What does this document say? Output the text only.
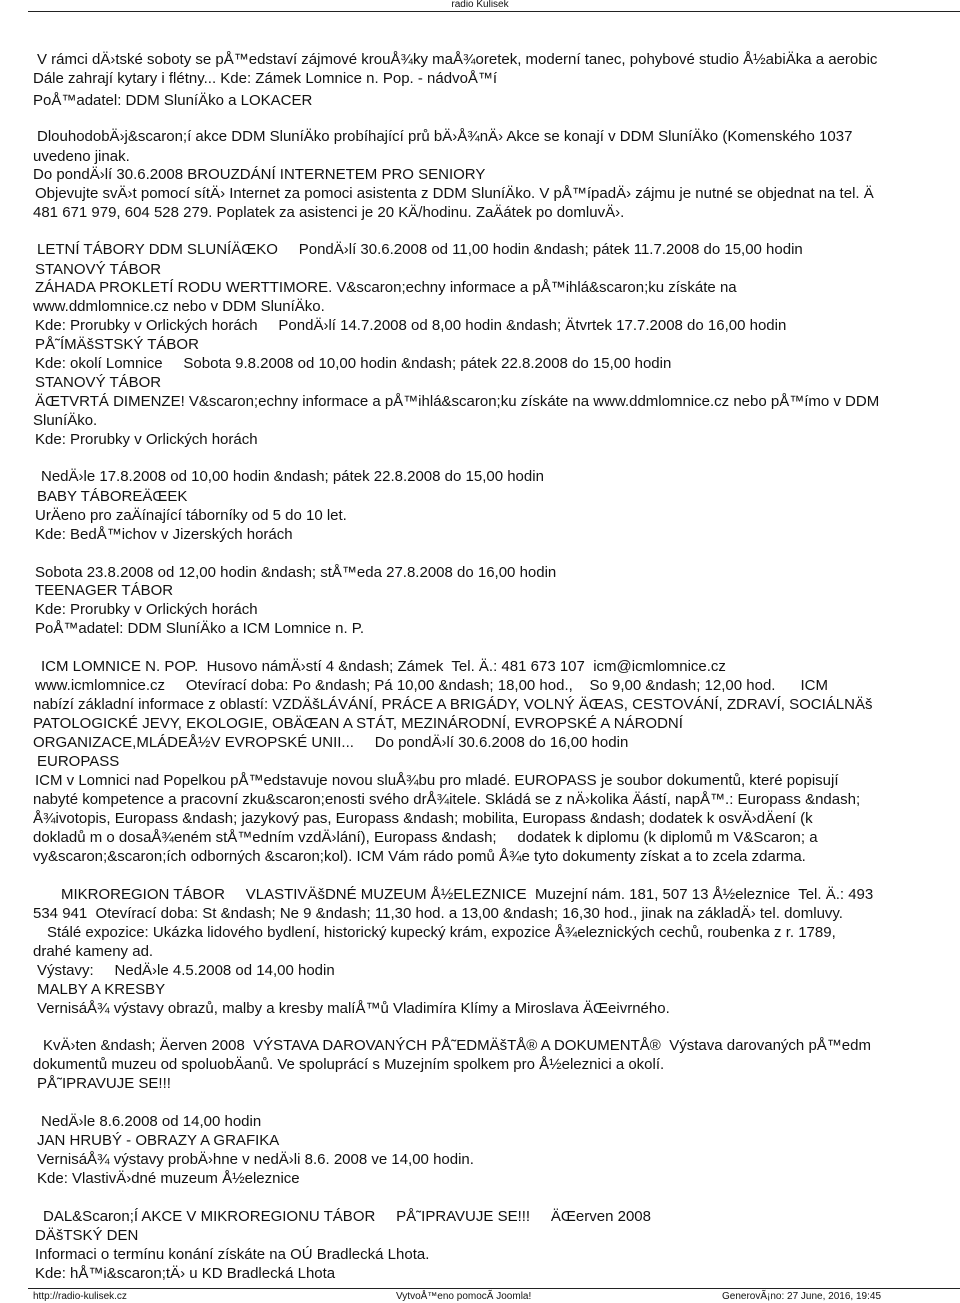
radio Kulisek
V rámci dÄ›tské soboty se pÅ™edstaví zájmové krouÅ¾ky maÅ¾oretek, moderní tanec, pohybové studio Å½abiÄka a aerobic
Dále zahrají kytary i flétny... Kde: Zámek Lomnice n. Pop. - nádvoÅ™í
PoÅ™adatel: DDM SluníÄko a LOKACER
DlouhodobÄ›j&scaron;í akce DDM SluníÄko probíhající prů bÄ›Å¾nÄ› Akce se konají v DDM SluníÄko (Komenského 1037
uvedeno jinak.
Do pondÄ›lí 30.6.2008 BROUZDÁNÍ INTERNETEM PRO SENIORY
Objevujte svÄ›t pomocí sítÄ› Internet za pomoci asistenta z DDM SluníÄko. V pÅ™ípadÄ› zájmu je nutné se objednat na tel. Ä
481 671 979, 604 528 279. Poplatek za asistenci je 20 KÄ/hodinu. ZaÄátek po domluvÄ›.
LETNÍ TÁBORY DDM SLUNÍÄŒKO     PondÄ›lí 30.6.2008 od 11,00 hodin &ndash; pátek 11.7.2008 do 15,00 hodin
STANOVÝ TÁBOR
ZÁHADA PROKLETÍ RODU WERTTIMORE. V&scaron;echny informace a pÅ™ihlá&scaron;ku získáte na
www.ddmlomnice.cz nebo v DDM SluníÄko.
Kde: Prorubky v Orlických horách     PondÄ›lí 14.7.2008 od 8,00 hodin &ndash; Ätvrtek 17.7.2008 do 16,00 hodin
PÅ˜ÍMÄšSTSKÝ TÁBOR
Kde: okolí Lomnice     Sobota 9.8.2008 od 10,00 hodin &ndash; pátek 22.8.2008 do 15,00 hodin
STANOVÝ TÁBOR
ÄŒTVRTÁ DIMENZE! V&scaron;echny informace a pÅ™ihlá&scaron;ku získáte na www.ddmlomnice.cz nebo pÅ™ímo v DDM
SluníÄko.
Kde: Prorubky v Orlických horách
NedÄ›le 17.8.2008 od 10,00 hodin &ndash; pátek 22.8.2008 do 15,00 hodin
BABY TÁBOREÄŒEK
UrÄeno pro zaÄínající táborníky od 5 do 10 let.
Kde: BedÅ™ichov v Jizerských horách
Sobota 23.8.2008 od 12,00 hodin &ndash; stÅ™eda 27.8.2008 do 16,00 hodin
TEENAGER TÁBOR
Kde: Prorubky v Orlických horách
PoÅ™adatel: DDM SluníÄko a ICM Lomnice n. P.
ICM LOMNICE N. POP.  Husovo námÄ›stí 4 &ndash; Zámek  Tel. Ä.: 481 673 107  icm@icmlomnice.cz
www.icmlomnice.cz     Otevírací doba: Po &ndash; Pá 10,00 &ndash; 18,00 hod.,    So 9,00 &ndash; 12,00 hod.      ICM
nabízí základní informace z oblastí: VZDÄšLÁVÁNÍ, PRÁCE A BRIGÁDY, VOLNÝ ÄŒAS, CESTOVÁNÍ, ZDRAVÍ, SOCIÁLNÄš
PATOLOGICKÉ JEVY, EKOLOGIE, OBÄŒAN A STÁT, MEZINÁRODNÍ, EVROPSKÉ A NÁRODNÍ
ORGANIZACE,MLÁDEÅ½V EVROPSKÉ UNII...     Do pondÄ›lí 30.6.2008 do 16,00 hodin
EUROPASS
ICM v Lomnici nad Popelkou pÅ™edstavuje novou sluÅ¾bu pro mladé. EUROPASS je soubor dokumentů, které popisují
nabyté kompetence a pracovní zku&scaron;enosti svého drÅ¾itele. Skládá se z nÄ›kolika Äástí, napÅ™.: Europass &ndash;
Å¾ivotopis, Europass &ndash; jazykový pas, Europass &ndash; mobilita, Europass &ndash; dodatek k osvÄ›dÄení (k
dokladů m o dosaÅ¾eném stÅ™edním vzdÄ›lání), Europass &ndash;     dodatek k diplomu (k diplomů m V&Scaron; a
vy&scaron;&scaron;ích odborných &scaron;kol). ICM Vám rádo pomů Å¾e tyto dokumenty získat a to zcela zdarma.
MIKROREGION TÁBOR     VLASTIVÄšDNÉ MUZEUM Å½ELEZNICE  Muzejní nám. 181, 507 13 Å½eleznice  Tel. Ä.: 493
534 941  Otevírací doba: St &ndash; Ne 9 &ndash; 11,30 hod. a 13,00 &ndash; 16,30 hod., jinak na základÄ› tel. domluvy.
Stálé expozice: Ukázka lidového bydlení, historický kupecký krám, expozice Å¾eleznických cechů, roubenka z r. 1789,
drahé kameny ad.
Výstavy:     NedÄ›le 4.5.2008 od 14,00 hodin
MALBY A KRESBY
VernisáÅ¾ výstavy obrazů, malby a kresby malíÅ™ů Vladimíra Klímy a Miroslava ÄŒeivrného.
KvÄ›ten &ndash; Äerven 2008  VÝSTAVA DAROVANÝCH PÅ˜EDMÄšTÅ® A DOKUMENTÅ®  Výstava darovaných pÅ™edm
dokumentů muzeu od spoluobÄanů. Ve spoluprácí s Muzejním spolkem pro Å½eleznici a okolí.
PÅ˜IPRAVUJE SE!!!
NedÄ›le 8.6.2008 od 14,00 hodin
JAN HRUBÝ - OBRAZY A GRAFIKA
VernisáÅ¾ výstavy probÄ›hne v nedÄ›li 8.6. 2008 ve 14,00 hodin.
Kde: VlastivÄ›dné muzeum Å½eleznice
DAL&Scaron;Í AKCE V MIKROREGIONU TÁBOR     PÅ˜IPRAVUJE SE!!!     ÄŒerven 2008
DÄšTSKÝ DEN
Informaci o termínu konání získáte na OÚ Bradlecká Lhota.
Kde: hÅ™i&scaron;tÄ› u KD Bradlecká Lhota
http://radio-kulisek.cz	VytvoÅ™eno pomocÃ Joomla!	GenerovÃ¡no: 27 June, 2016, 19:45
